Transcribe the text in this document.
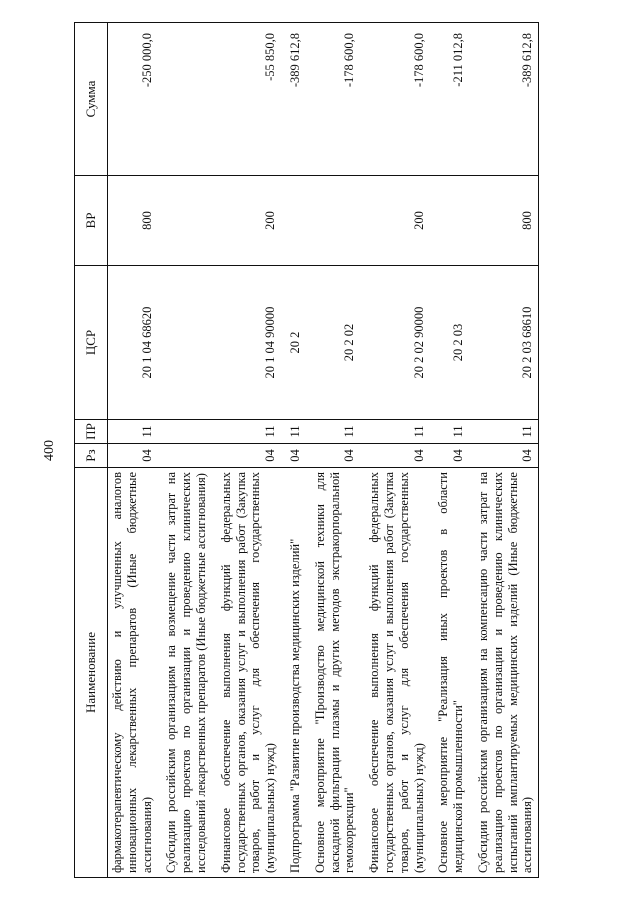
400
Наименование	Рз	ПР	ЦСР	ВР	Сумма
фармакотерапевтическому действию и улучшенных аналогов инновационных лекарственных препаратов (Иные бюджетные ассигнования)	04	11	20 1 04 68620	800	-250 000,0
Субсидии российским организациям на возмещение части затрат на реализацию проектов по организации и проведению клинических исследований лекарственных препаратов (Иные бюджетные ассигнования)					
Финансовое обеспечение выполнения функций федеральных государственных органов, оказания услуг и выполнения работ (Закупка товаров, работ и услуг для обеспечения государственных (муниципальных) нужд)	04	11	20 1 04 90000	200	-55 850,0
Подпрограмма "Развитие производства медицинских изделий"	04	11	20 2		-389 612,8
Основное мероприятие "Производство медицинской техники для каскадной фильтрации плазмы и других методов экстракорпоральной гемокоррекции"	04	11	20 2 02		-178 600,0
Финансовое обеспечение выполнения функций федеральных государственных органов, оказания услуг и выполнения работ (Закупка товаров, работ и услуг для обеспечения государственных (муниципальных) нужд)	04	11	20 2 02 90000	200	-178 600,0
Основное мероприятие "Реализация иных проектов в области медицинской промышленности"	04	11	20 2 03		-211 012,8
Субсидии российским организациям на компенсацию части затрат на реализацию проектов по организации и проведению клинических испытаний имплантируемых медицинских изделий (Иные бюджетные ассигнования)	04	11	20 2 03 68610	800	-389 612,8
